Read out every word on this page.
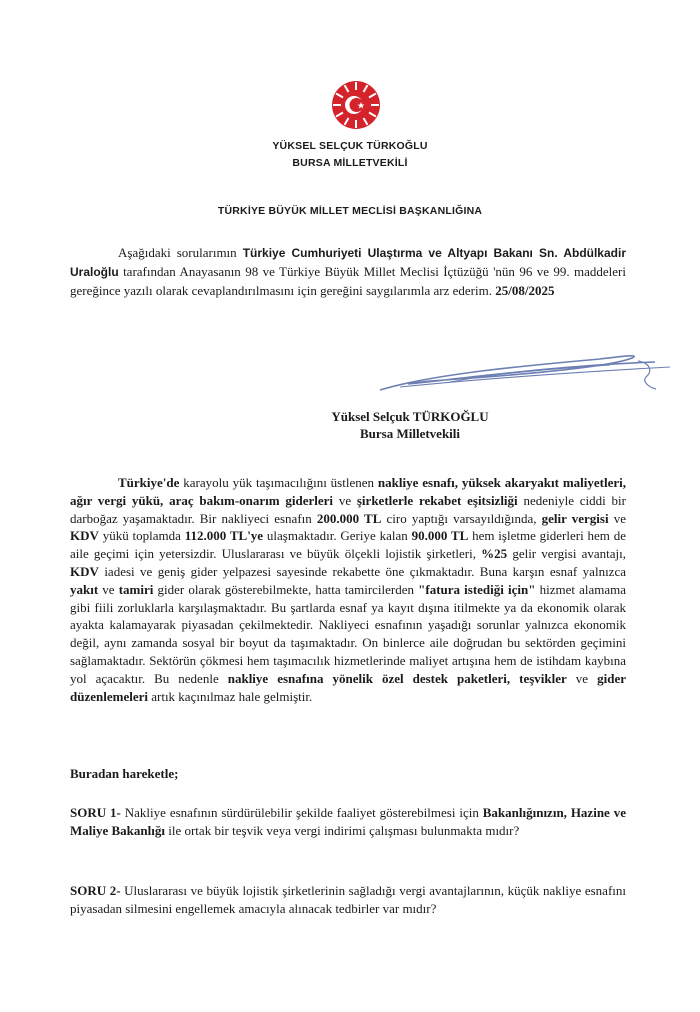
YÜKSEL SELÇUK TÜRKOĞLU
BURSA MİLLETVEKİLİ
TÜRKİYE BÜYÜK MİLLET MECLİSİ BAŞKANLIĞINA

Aşağıdaki sorularımın Türkiye Cumhuriyeti Ulaştırma ve Altyapı Bakanı Sn. Abdülkadir Uraloğlu tarafından Anayasanın 98 ve Türkiye Büyük Millet Meclisi İçtüzüğü 'nün 96 ve 99. maddeleri gereğince yazılı olarak cevaplandırılmasını için gereğini saygılarımla arz ederim. 25/08/2025

Yüksel Selçuk TÜRKOĞLU
Bursa Milletvekili

Türkiye'de karayolu yük taşımacılığını üstlenen nakliye esnafı, yüksek akaryakıt maliyetleri, ağır vergi yükü, araç bakım-onarım giderleri ve şirketlerle rekabet eşitsizliği nedeniyle ciddi bir darboğaz yaşamaktadır. Bir nakliyeci esnafın 200.000 TL ciro yaptığı varsayıldığında, gelir vergisi ve KDV yükü toplamda 112.000 TL'ye ulaşmaktadır. Geriye kalan 90.000 TL hem işletme giderleri hem de aile geçimi için yetersizdir. Uluslararası ve büyük ölçekli lojistik şirketleri, %25 gelir vergisi avantajı, KDV iadesi ve geniş gider yelpazesi sayesinde rekabette öne çıkmaktadır. Buna karşın esnaf yalnızca yakıt ve tamiri gider olarak gösterebilmekte, hatta tamircilerden "fatura istediği için" hizmet alamama gibi fiili zorluklarla karşılaşmaktadır. Bu şartlarda esnaf ya kayıt dışına itilmekte ya da ekonomik olarak ayakta kalamayarak piyasadan çekilmektedir. Nakliyeci esnafının yaşadığı sorunlar yalnızca ekonomik değil, aynı zamanda sosyal bir boyut da taşımaktadır. On binlerce aile doğrudan bu sektörden geçimini sağlamaktadır. Sektörün çökmesi hem taşımacılık hizmetlerinde maliyet artışına hem de istihdam kaybına yol açacaktır. Bu nedenle nakliye esnafına yönelik özel destek paketleri, teşvikler ve gider düzenlemeleri artık kaçınılmaz hale gelmiştir.

Buradan hareketle;

SORU 1- Nakliye esnafının sürdürülebilir şekilde faaliyet gösterebilmesi için Bakanlığınızın, Hazine ve Maliye Bakanlığı ile ortak bir teşvik veya vergi indirimi çalışması bulunmakta mıdır?

SORU 2- Uluslararası ve büyük lojistik şirketlerinin sağladığı vergi avantajlarının, küçük nakliye esnafını piyasadan silmesini engellemek amacıyla alınacak tedbirler var mıdır?
